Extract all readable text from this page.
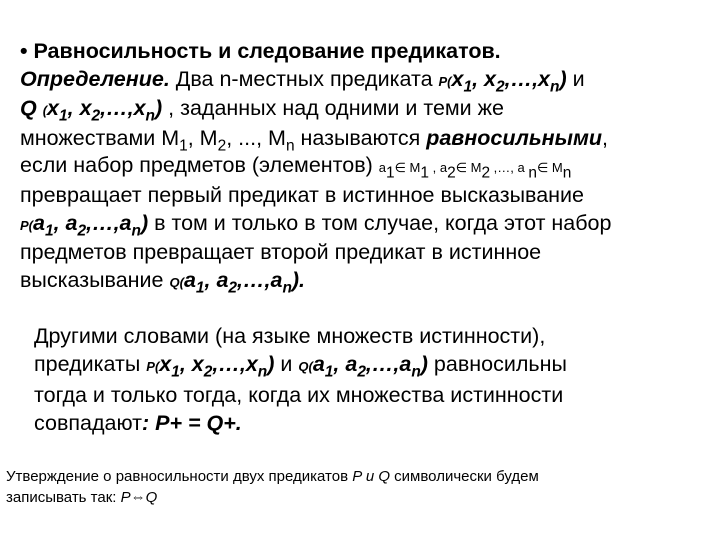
• Равносильность и следование предикатов.
Определение. Два n-местных предиката $P(x_1$, $x_2,\dots,x_n$) и
Q ($x_1$, $x_2,\dots,x_n$) , заданных над одними и теми же
множествами $M_1$, $M_2$, ..., $M_n$ называются равносильными,
если набор предметов (элементов) $a_1\in$ $M_1$ , $a_2\in$ $M_2$ ,…, a $_n$∈ $M_n$
превращает первый предикат в истинное высказывание
$P(a_1$, $a_2,\dots,a_n$) в том и только в том случае, когда этот набор
предметов превращает второй предикат в истинное
высказывание $Q(a_1$, $a_2,\dots,a_n$).
Другими словами (на языке множеств истинности),
предикаты $P(x_1$, $x_2,\dots,x_n$) и $Q(a_1$, $a_2,\dots,a_n$) равносильны
тогда и только тогда, когда их множества истинности
совпадают: P+ = Q+.
Утверждение о равносильности двух предикатов P и Q символически будем
записывать так: P⇔Q
